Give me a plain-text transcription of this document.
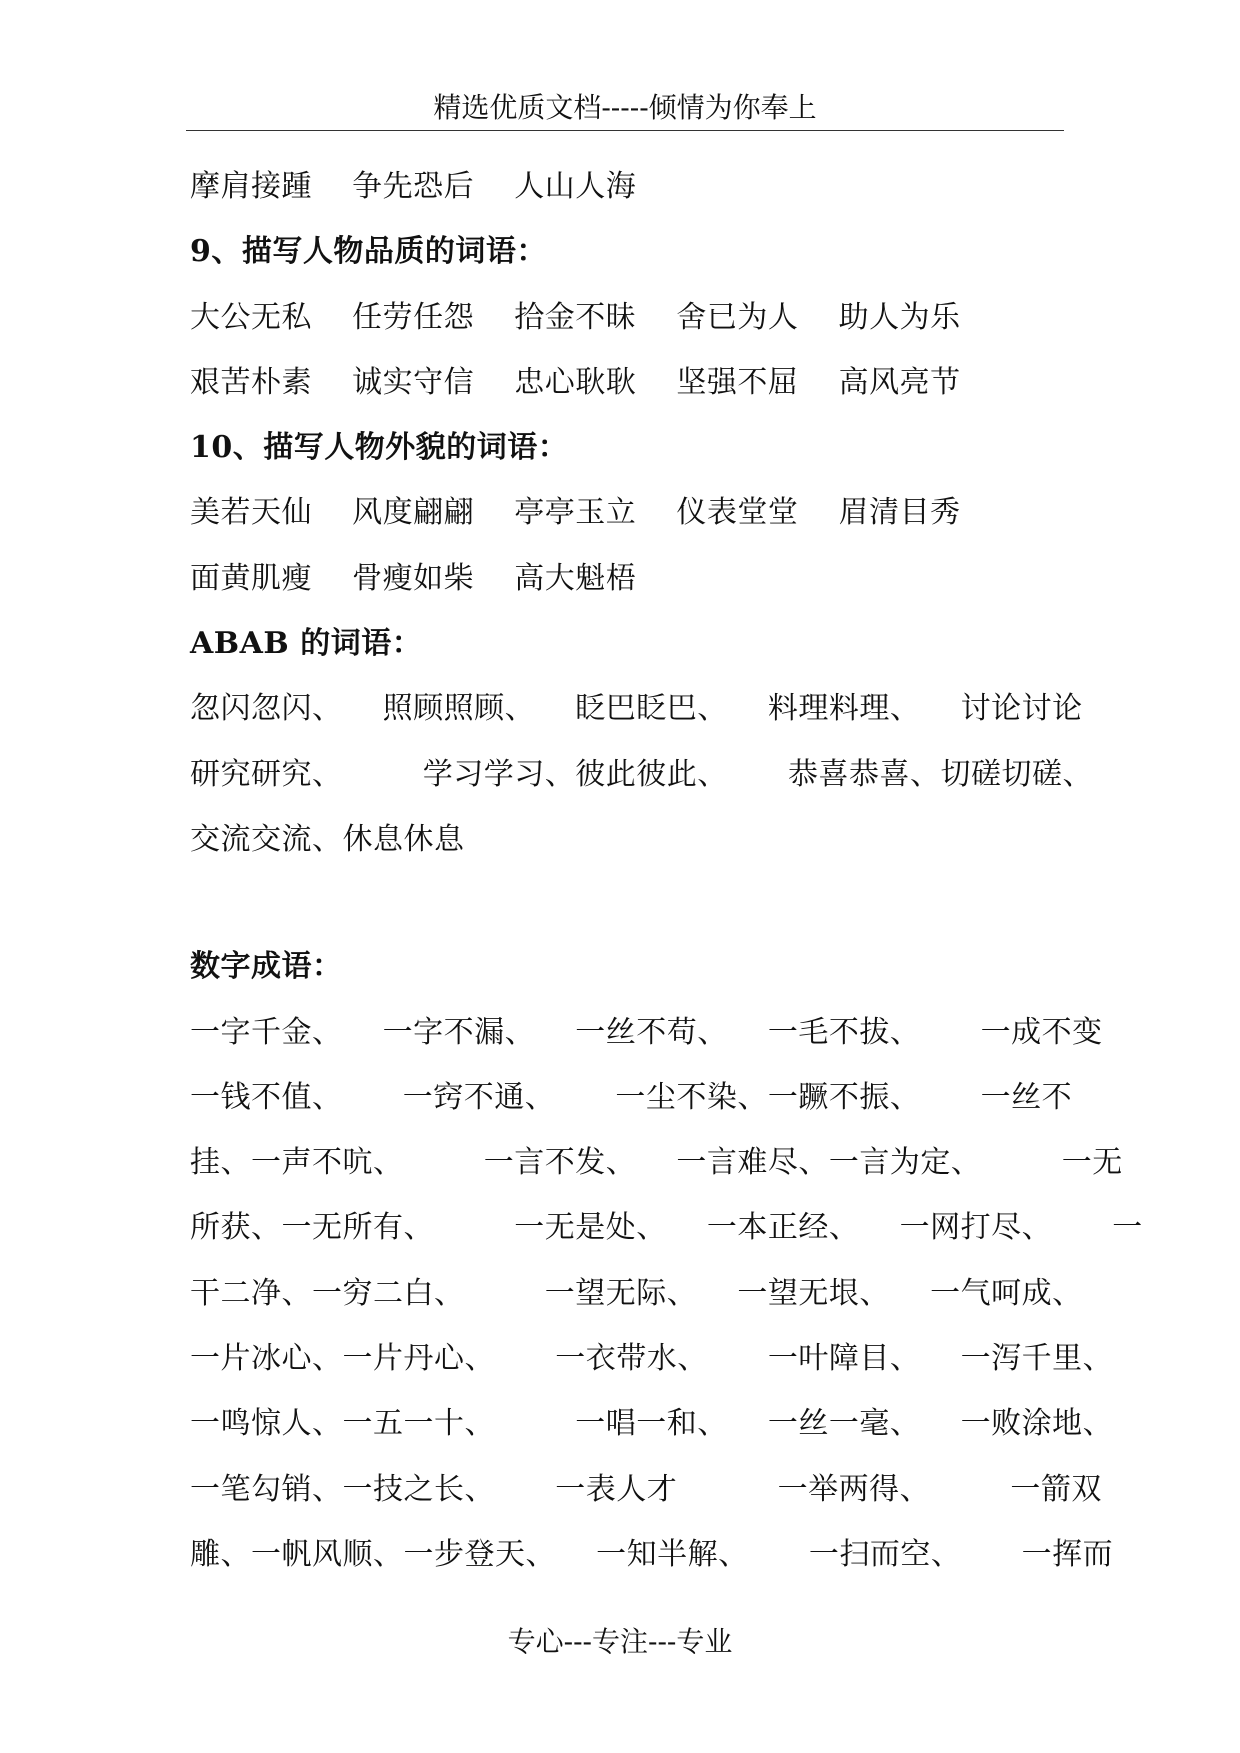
精选优质文档-----倾情为你奉上
摩肩接踵    争先恐后    人山人海
9、描写人物品质的词语：
大公无私    任劳任怨    拾金不昧    舍已为人    助人为乐
艰苦朴素    诚实守信    忠心耿耿    坚强不屈    高风亮节
10、描写人物外貌的词语：
美若天仙    风度翩翩    亭亭玉立    仪表堂堂    眉清目秀
面黄肌瘦    骨瘦如柴    高大魁梧
ABAB 的词语：
忽闪忽闪、    照顾照顾、    眨巴眨巴、    料理料理、    讨论讨论
研究研究、        学习学习、彼此彼此、      恭喜恭喜、切磋切磋、
交流交流、休息休息
数字成语：
一字千金、    一字不漏、    一丝不苟、    一毛不拔、      一成不变
一钱不值、      一窍不通、      一尘不染、一蹶不振、      一丝不
挂、一声不吭、        一言不发、    一言难尽、一言为定、        一无
所获、一无所有、        一无是处、    一本正经、    一网打尽、      一
干二净、一穷二白、        一望无际、    一望无垠、    一气呵成、
一片冰心、一片丹心、      一衣带水、      一叶障目、    一泻千里、
一鸣惊人、一五一十、        一唱一和、    一丝一毫、    一败涂地、
一笔勾销、一技之长、      一表人才          一举两得、        一箭双
雕、一帆风顺、一步登天、    一知半解、      一扫而空、      一挥而
专心---专注---专业
